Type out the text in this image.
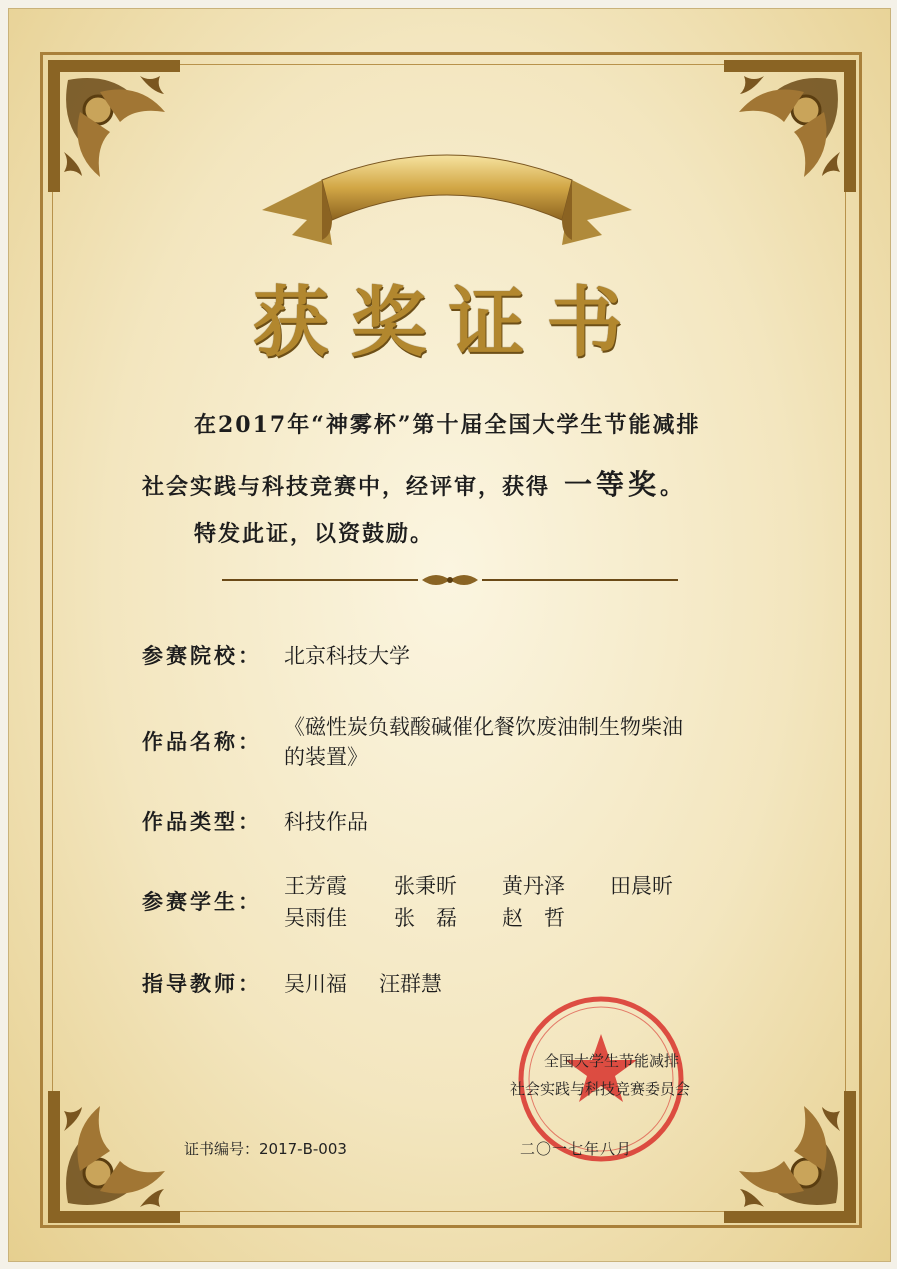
获奖证书
在2017年“神雾杯”第十届全国大学生节能减排
社会实践与科技竞赛中，经评审，获得 一等奖。
特发此证，以资鼓励。
参赛院校： 北京科技大学
作品名称：
《磁性炭负载酸碱催化餐饮废油制生物柴油
的装置》
作品类型： 科技作品
参赛学生：
王芳霞 张秉昕 黄丹泽 田晨昕
吴雨佳 张　磊 赵　哲
指导教师： 吴川福 汪群慧
全国大学生节能减排
社会实践与科技竞赛委员会
证书编号：2017-B-003	二〇一七年八月
